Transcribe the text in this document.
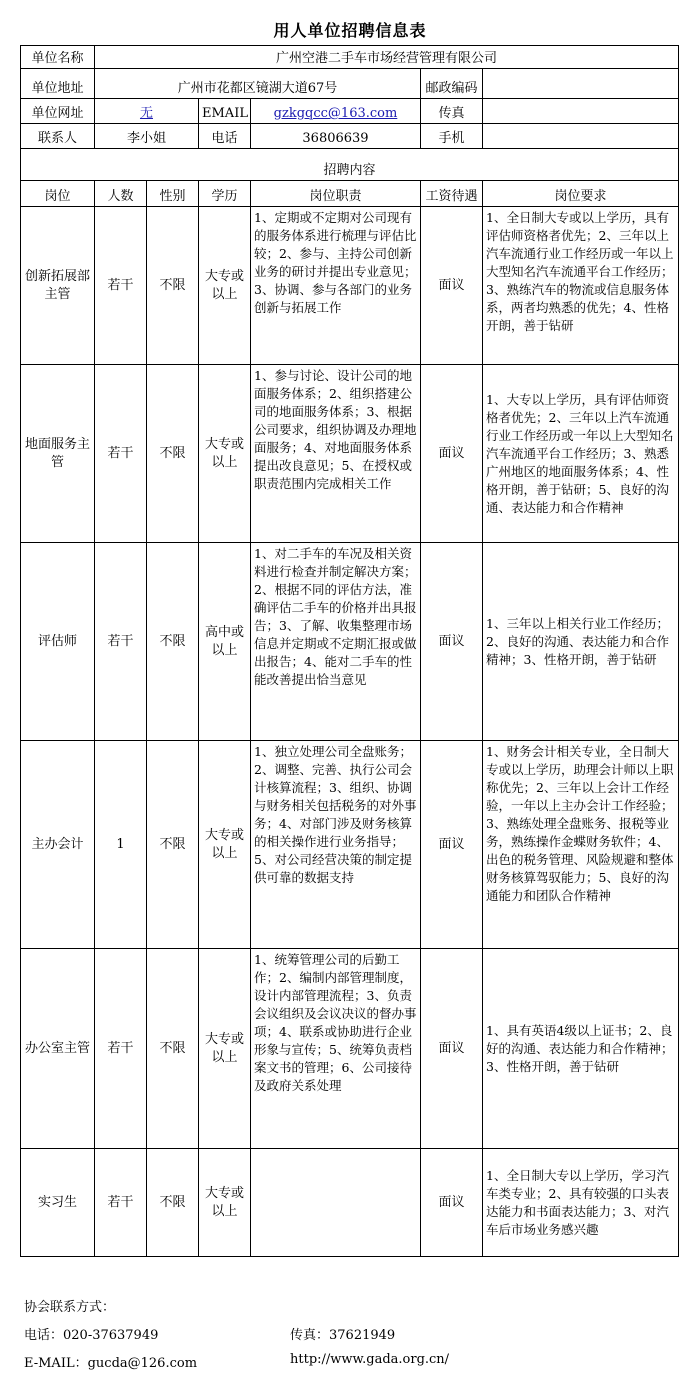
用人单位招聘信息表
单位名称	广州空港二手车市场经营管理有限公司					
单位地址	广州市花都区镜湖大道67号				邮政编码	
单位网址	无		EMAIL	gzkgqcc@163.com	传真	
联系人	李小姐		电话	36806639	手机	
招聘内容						
岗位	人数	性别	学历	岗位职责	工资待遇	岗位要求
创新拓展部主管	若干	不限	大专或以上	1、定期或不定期对公司现有的服务体系进行梳理与评估比较；2、参与、主持公司创新业务的研讨并提出专业意见；3、协调、参与各部门的业务创新与拓展工作	面议	1、全日制大专或以上学历，具有评估师资格者优先；2、三年以上汽车流通行业工作经历或一年以上大型知名汽车流通平台工作经历；3、熟练汽车的物流或信息服务体系，两者均熟悉的优先；4、性格开朗，善于钻研
地面服务主管	若干	不限	大专或以上	1、参与讨论、设计公司的地面服务体系；2、组织搭建公司的地面服务体系；3、根据公司要求，组织协调及办理地面服务；4、对地面服务体系提出改良意见；5、在授权或职责范围内完成相关工作	面议	1、大专以上学历，具有评估师资格者优先；2、三年以上汽车流通行业工作经历或一年以上大型知名汽车流通平台工作经历；3、熟悉广州地区的地面服务体系；4、性格开朗，善于钻研；5、良好的沟通、表达能力和合作精神
评估师	若干	不限	高中或以上	1、对二手车的车况及相关资料进行检查并制定解决方案；2、根据不同的评估方法，准确评估二手车的价格并出具报告；3、了解、收集整理市场信息并定期或不定期汇报或做出报告；4、能对二手车的性能改善提出恰当意见	面议	1、三年以上相关行业工作经历；2、良好的沟通、表达能力和合作精神；3、性格开朗，善于钻研
主办会计	1	不限	大专或以上	1、独立处理公司全盘账务；2、调整、完善、执行公司会计核算流程；3、组织、协调与财务相关包括税务的对外事务；4、对部门涉及财务核算的相关操作进行业务指导；5、对公司经营决策的制定提供可靠的数据支持	面议	1、财务会计相关专业，全日制大专或以上学历，助理会计师以上职称优先；2、三年以上会计工作经验，一年以上主办会计工作经验；3、熟练处理全盘账务、报税等业务，熟练操作金蝶财务软件；4、出色的税务管理、风险规避和整体财务核算驾驭能力；5、良好的沟通能力和团队合作精神
办公室主管	若干	不限	大专或以上	1、统筹管理公司的后勤工作；2、编制内部管理制度，设计内部管理流程；3、负责会议组织及会议决议的督办事项；4、联系或协助进行企业形象与宣传；5、统筹负责档案文书的管理；6、公司接待及政府关系处理	面议	1、具有英语4级以上证书；2、良好的沟通、表达能力和合作精神；3、性格开朗，善于钻研
实习生	若干	不限	大专或以上		面议	1、全日制大专以上学历，学习汽车类专业；2、具有较强的口头表达能力和书面表达能力；3、对汽车后市场业务感兴趣
协会联系方式：
电话：020-37637949	传真：37621949
E-MAIL：gucda@126.com	http://www.gada.org.cn/
